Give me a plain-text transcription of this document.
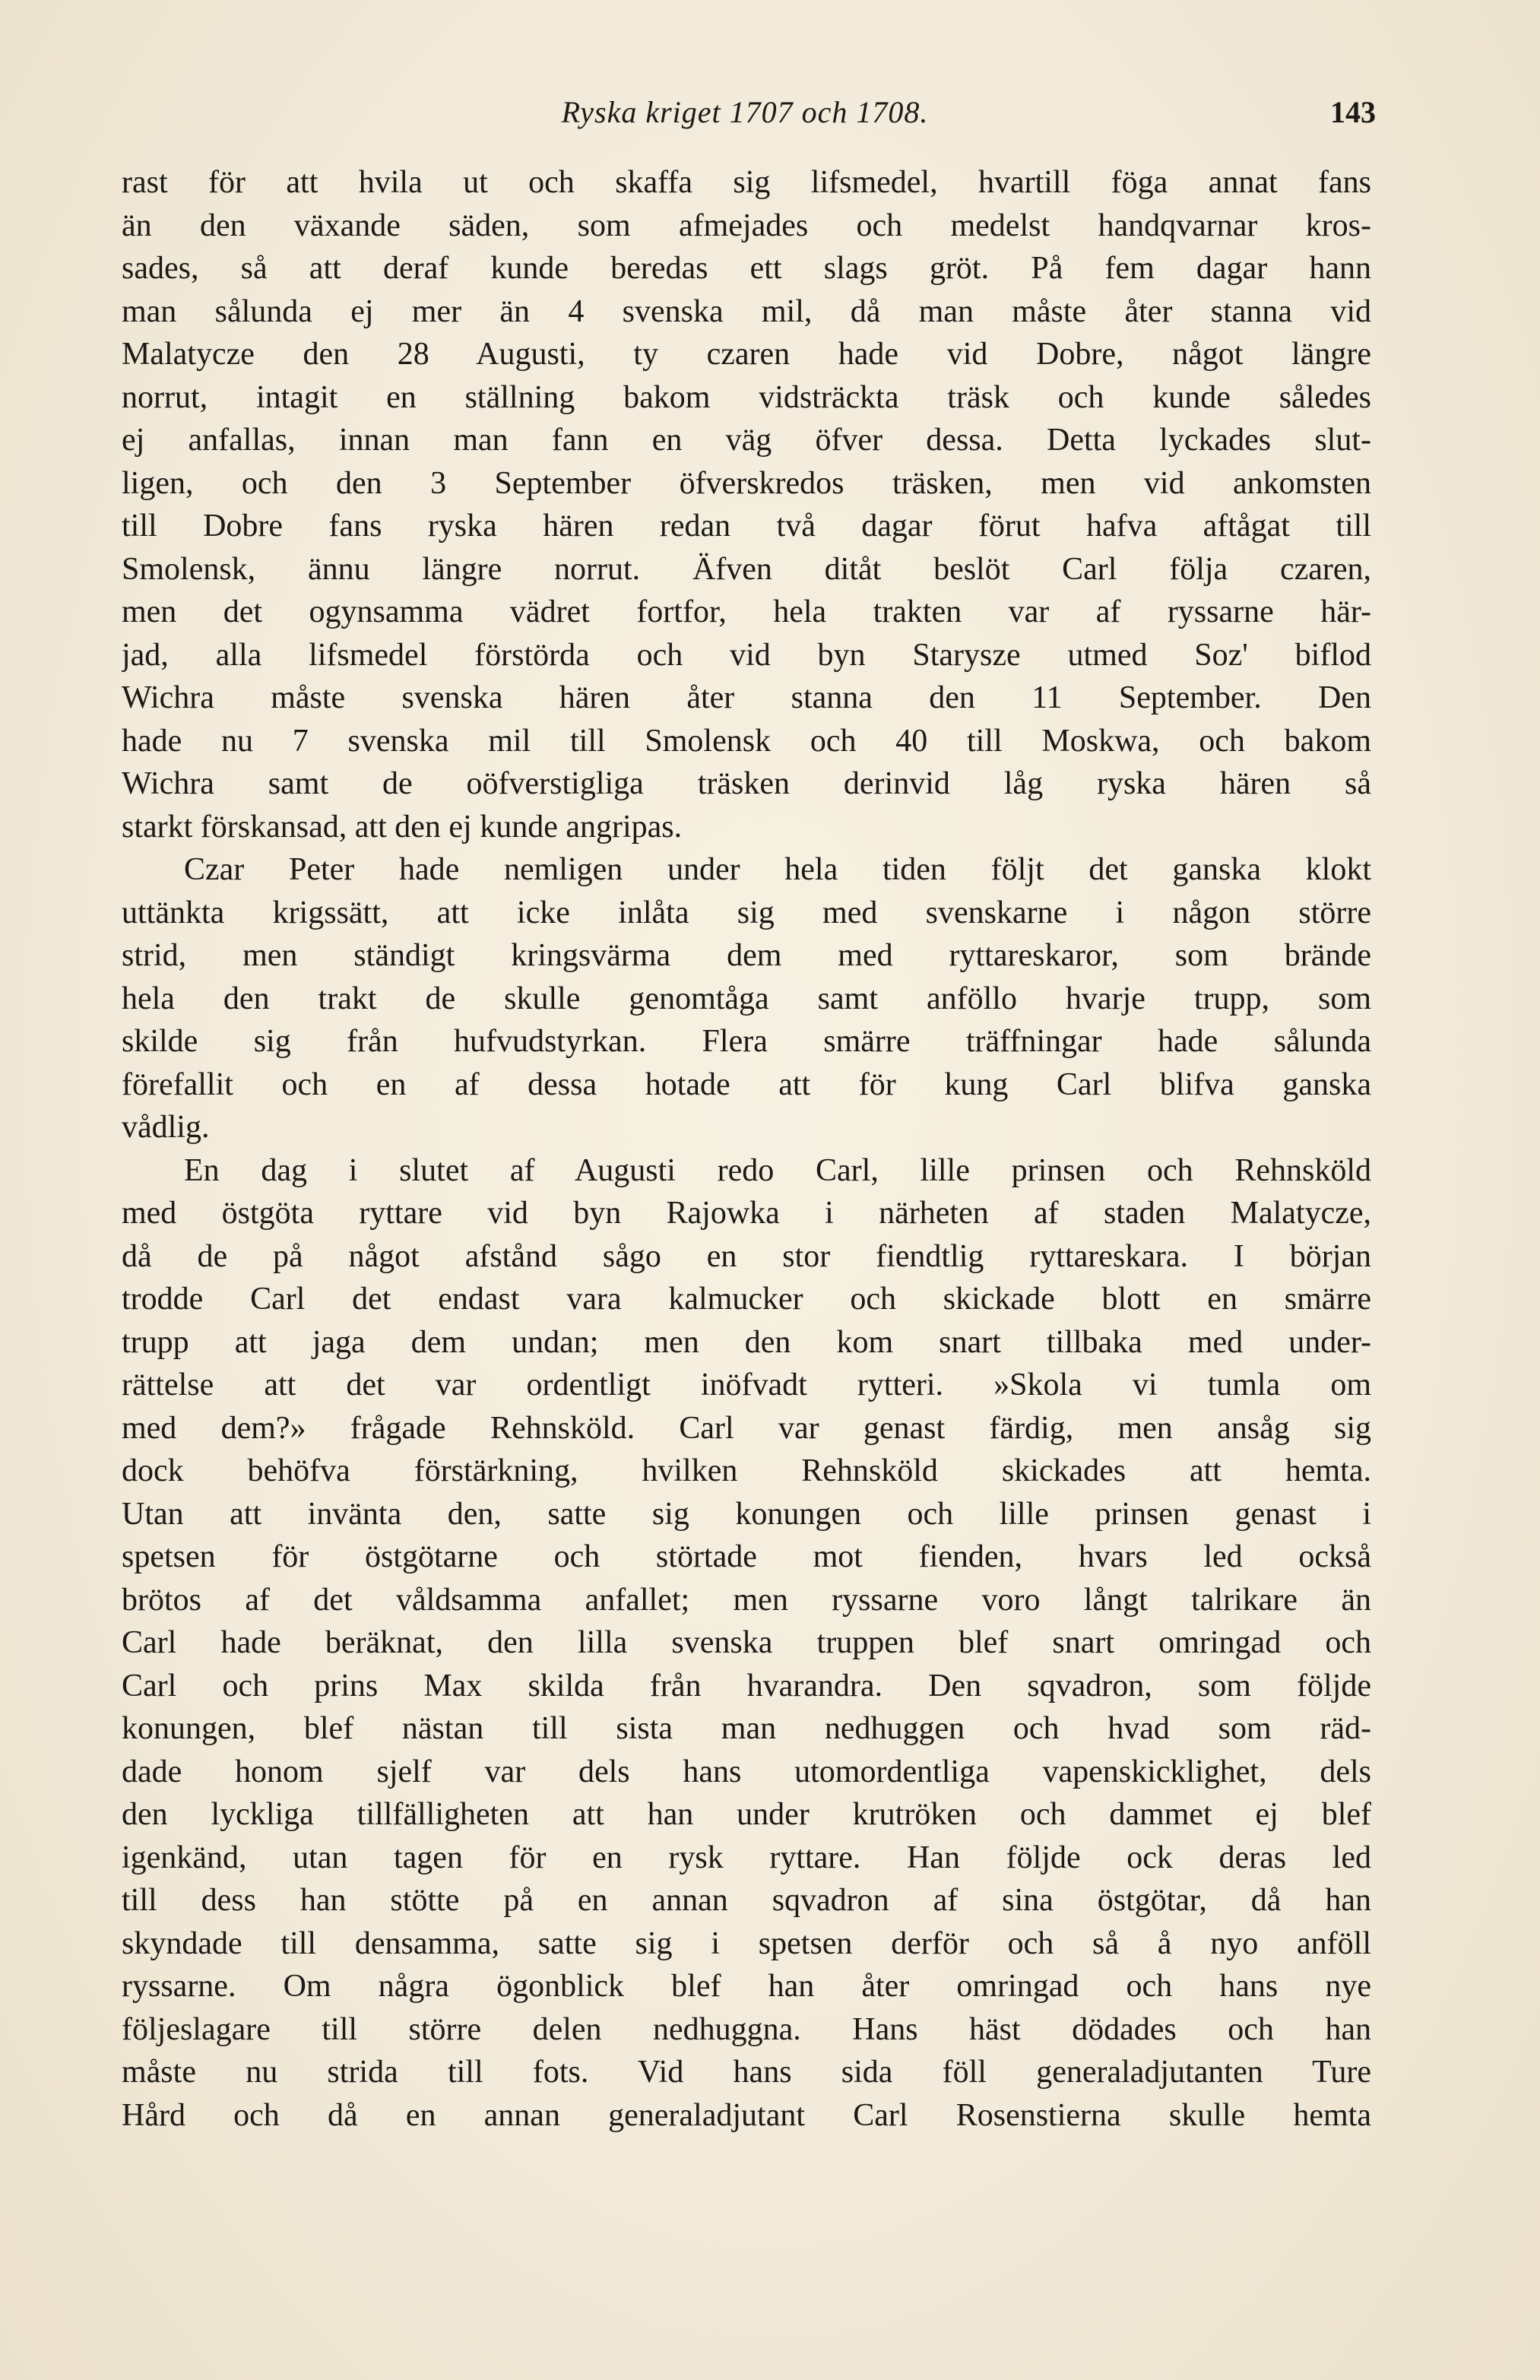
Ryska kriget 1707 och 1708.	143
rast för att hvila ut och skaffa sig lifsmedel, hvartill föga annat fans
än den växande säden, som afmejades och medelst handqvarnar kros-
sades, så att deraf kunde beredas ett slags gröt. På fem dagar hann
man sålunda ej mer än 4 svenska mil, då man måste åter stanna vid
Malatycze den 28 Augusti, ty czaren hade vid Dobre, något längre
norrut, intagit en ställning bakom vidsträckta träsk och kunde således
ej anfallas, innan man fann en väg öfver dessa. Detta lyckades slut-
ligen, och den 3 September öfverskredos träsken, men vid ankomsten
till Dobre fans ryska hären redan två dagar förut hafva aftågat till
Smolensk, ännu längre norrut. Äfven ditåt beslöt Carl följa czaren,
men det ogynsamma vädret fortfor, hela trakten var af ryssarne här-
jad, alla lifsmedel förstörda och vid byn Starysze utmed Soz' biflod
Wichra måste svenska hären åter stanna den 11 September. Den
hade nu 7 svenska mil till Smolensk och 40 till Moskwa, och bakom
Wichra samt de oöfverstigliga träsken derinvid låg ryska hären så
starkt förskansad, att den ej kunde angripas.
Czar Peter hade nemligen under hela tiden följt det ganska klokt
uttänkta krigssätt, att icke inlåta sig med svenskarne i någon större
strid, men ständigt kringsvärma dem med ryttareskaror, som brände
hela den trakt de skulle genomtåga samt anföllo hvarje trupp, som
skilde sig från hufvudstyrkan. Flera smärre träffningar hade sålunda
förefallit och en af dessa hotade att för kung Carl blifva ganska
vådlig.
En dag i slutet af Augusti redo Carl, lille prinsen och Rehnsköld
med östgöta ryttare vid byn Rajowka i närheten af staden Malatycze,
då de på något afstånd sågo en stor fiendtlig ryttareskara. I början
trodde Carl det endast vara kalmucker och skickade blott en smärre
trupp att jaga dem undan; men den kom snart tillbaka med under-
rättelse att det var ordentligt inöfvadt rytteri. »Skola vi tumla om
med dem?» frågade Rehnsköld. Carl var genast färdig, men ansåg sig
dock behöfva förstärkning, hvilken Rehnsköld skickades att hemta.
Utan att invänta den, satte sig konungen och lille prinsen genast i
spetsen för östgötarne och störtade mot fienden, hvars led också
brötos af det våldsamma anfallet; men ryssarne voro långt talrikare än
Carl hade beräknat, den lilla svenska truppen blef snart omringad och
Carl och prins Max skilda från hvarandra. Den sqvadron, som följde
konungen, blef nästan till sista man nedhuggen och hvad som räd-
dade honom sjelf var dels hans utomordentliga vapenskicklighet, dels
den lyckliga tillfälligheten att han under krutröken och dammet ej blef
igenkänd, utan tagen för en rysk ryttare. Han följde ock deras led
till dess han stötte på en annan sqvadron af sina östgötar, då han
skyndade till densamma, satte sig i spetsen derför och så å nyo anföll
ryssarne. Om några ögonblick blef han åter omringad och hans nye
följeslagare till större delen nedhuggna. Hans häst dödades och han
måste nu strida till fots. Vid hans sida föll generaladjutanten Ture
Hård och då en annan generaladjutant Carl Rosenstierna skulle hemta
